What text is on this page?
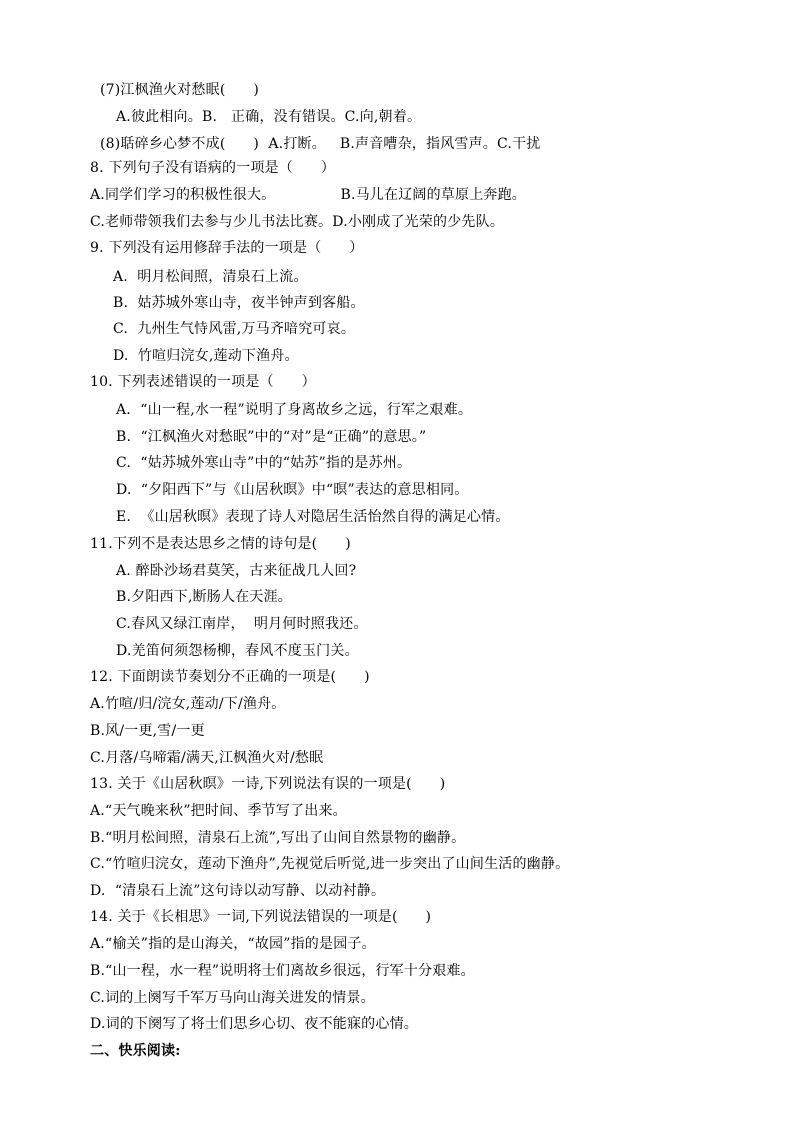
(7)江枫渔火对愁眠(      )
A.彼此相向。B.   正确，没有错误。C.向,朝着。
(8)聒碎乡心梦不成(      )  A.打断。   B.声音嘈杂，指风雪声。C.干扰
8. 下列句子没有语病的一项是（      ）
A.同学们学习的积极性很大。              B.马儿在辽阔的草原上奔跑。
C.老师带领我们去参与少儿书法比赛。D.小刚成了光荣的少先队。
9. 下列没有运用修辞手法的一项是（      ）
A.  明月松间照，清泉石上流。
B.  姑苏城外寒山寺，夜半钟声到客船。
C.  九州生气恃风雷,万马齐喑究可哀。
D.  竹喧归浣女,莲动下渔舟。
10. 下列表述错误的一项是（      ）
A.  “山一程,水一程”说明了身离故乡之远，行军之艰难。
B.  “江枫渔火对愁眠”中的“对”是“正确”的意思。”
C.  “姑苏城外寒山寺”中的“姑苏”指的是苏州。
D.  “夕阳西下”与《山居秋暝》中“暝”表达的意思相同。
E.  《山居秋暝》表现了诗人对隐居生活怡然自得的满足心情。
11.下列不是表达思乡之情的诗句是(      )
A. 醉卧沙场君莫笑，古来征战几人回?
B.夕阳西下,断肠人在天涯。
C.春风又绿江南岸，  明月何时照我还。
D.羌笛何须怨杨柳，春风不度玉门关。
12. 下面朗读节奏划分不正确的一项是(      )
A.竹喧/归/浣女,莲动/下/渔舟。
B.风/一更,雪/一更
C.月落/乌啼霜/满天,江枫渔火对/愁眠
13. 关于《山居秋暝》一诗,下列说法有误的一项是(      )
A.“天气晚来秋”把时间、季节写了出来。
B.“明月松间照，清泉石上流”,写出了山间自然景物的幽静。
C.“竹喧归浣女，莲动下渔舟”,先视觉后听觉,进一步突出了山间生活的幽静。
D.  “清泉石上流”这句诗以动写静、以动衬静。
14. 关于《长相思》一词,下列说法错误的一项是(      )
A.“榆关”指的是山海关，“故园”指的是园子。
B.“山一程，水一程”说明将士们离故乡很远，行军十分艰难。
C.词的上阕写千军万马向山海关进发的情景。
D.词的下阕写了将士们思乡心切、夜不能寐的心情。
二、快乐阅读:
